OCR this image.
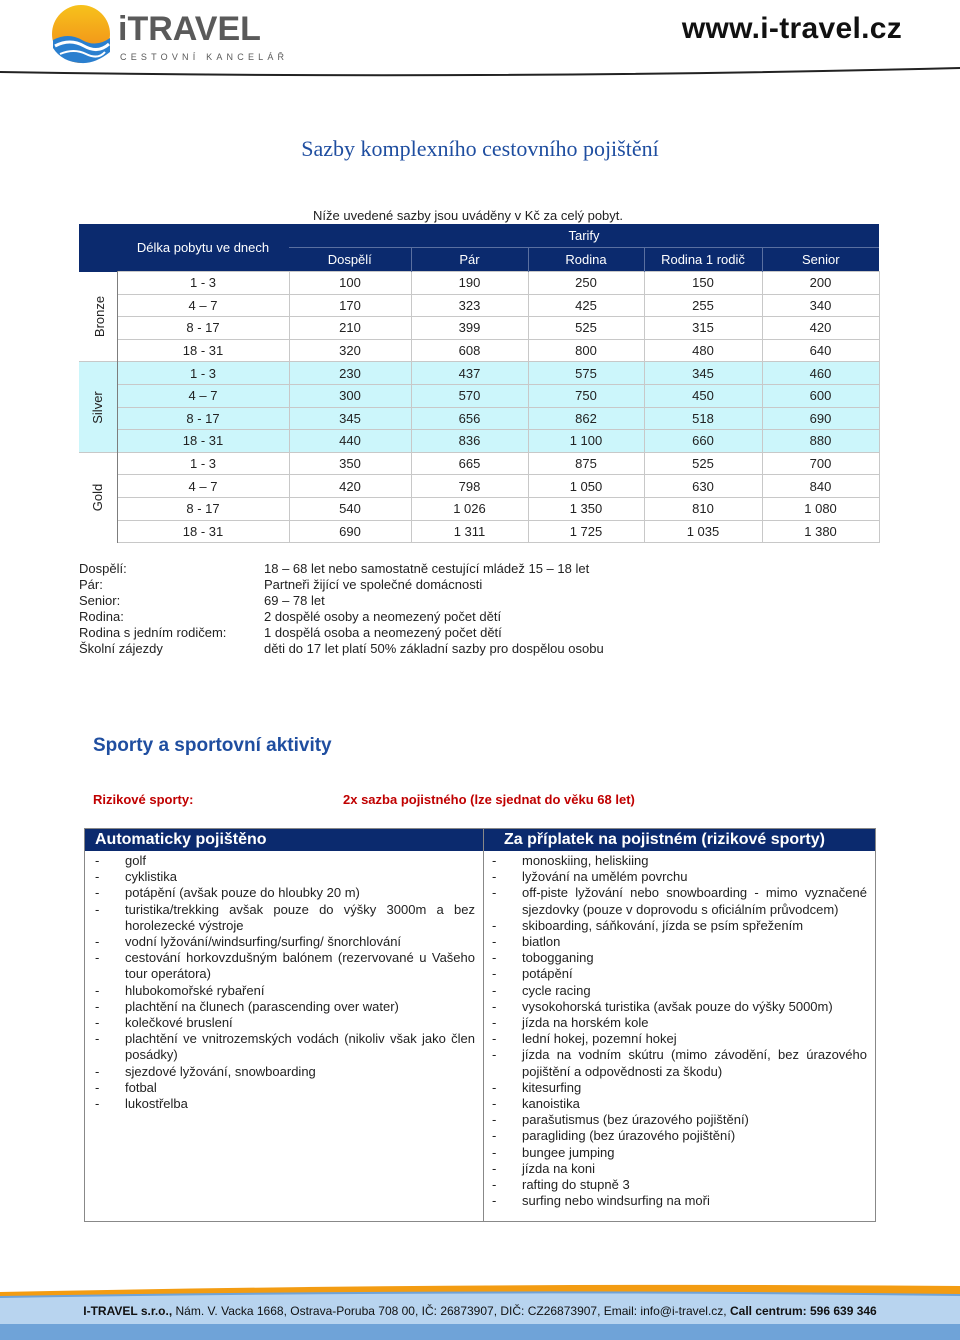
iTRAVEL
CESTOVNÍ KANCELÁŘ
www.i-travel.cz
Sazby komplexního cestovního pojištění
Níže uvedené sazby jsou uváděny v Kč za celý pobyt.
	Délka pobytu ve dnech	Tarify				
		Dospělí	Pár	Rodina	Rodina 1 rodič	Senior
Bronze	1 - 3	100	190	250	150	200
	4 – 7	170	323	425	255	340
	8 - 17	210	399	525	315	420
	18 - 31	320	608	800	480	640
Silver	1 - 3	230	437	575	345	460
	4 – 7	300	570	750	450	600
	8 - 17	345	656	862	518	690
	18 - 31	440	836	1 100	660	880
Gold	1 - 3	350	665	875	525	700
	4 – 7	420	798	1 050	630	840
	8 - 17	540	1 026	1 350	810	1 080
	18 - 31	690	1 311	1 725	1 035	1 380
Dospělí:	18 – 68 let nebo samostatně cestující mládež 15 – 18 let
Pár:	Partneři žijící ve společné domácnosti
Senior:	69 – 78 let
Rodina:	2 dospělé osoby a neomezený počet dětí
Rodina s jedním rodičem:	1 dospělá osoba a neomezený počet dětí
Školní zájezdy	děti do 17 let platí 50% základní sazby pro dospělou osobu
Sporty a sportovní aktivity
Rizikové sporty:	2x sazba pojistného (lze sjednat do věku 68 let)
Automaticky pojištěno
-	golf
-	cyklistika
-	potápění (avšak pouze do hloubky 20 m)
-	turistika/trekking avšak pouze do výšky 3000m a bez horolezecké výstroje
-	vodní lyžování/windsurfing/surfing/ šnorchlování
-	cestování horkovzdušným balónem (rezervované u Vašeho tour operátora)
-	hlubokomořské rybaření
-	plachtění na člunech (parascending over water)
-	kolečkové bruslení
-	plachtění ve vnitrozemských vodách (nikoliv však jako člen posádky)
-	sjezdové lyžování, snowboarding
-	fotbal
-	lukostřelba
Za příplatek na pojistném (rizikové sporty)
-	monoskiing, heliskiing
-	lyžování na umělém povrchu
-	off-piste lyžování nebo snowboarding - mimo vyznačené sjezdovky (pouze v doprovodu s oficiálním průvodcem)
-	skiboarding, sáňkování, jízda se psím spřežením
-	biatlon
-	tobogganing
-	potápění
-	cycle racing
-	vysokohorská turistika (avšak pouze do výšky 5000m)
-	jízda na horském kole
-	lední hokej, pozemní hokej
-	jízda na vodním skútru (mimo závodění, bez úrazového pojištění a odpovědnosti za škodu)
-	kitesurfing
-	kanoistika
-	parašutismus (bez úrazového pojištění)
-	paragliding (bez úrazového pojištění)
-	bungee jumping
-	jízda na koni
-	rafting do stupně 3
-	surfing nebo windsurfing na moři
I-TRAVEL s.r.o., Nám. V. Vacka 1668, Ostrava-Poruba 708 00, IČ: 26873907, DIČ: CZ26873907, Email: info@i-travel.cz, Call centrum: 596 639 346
